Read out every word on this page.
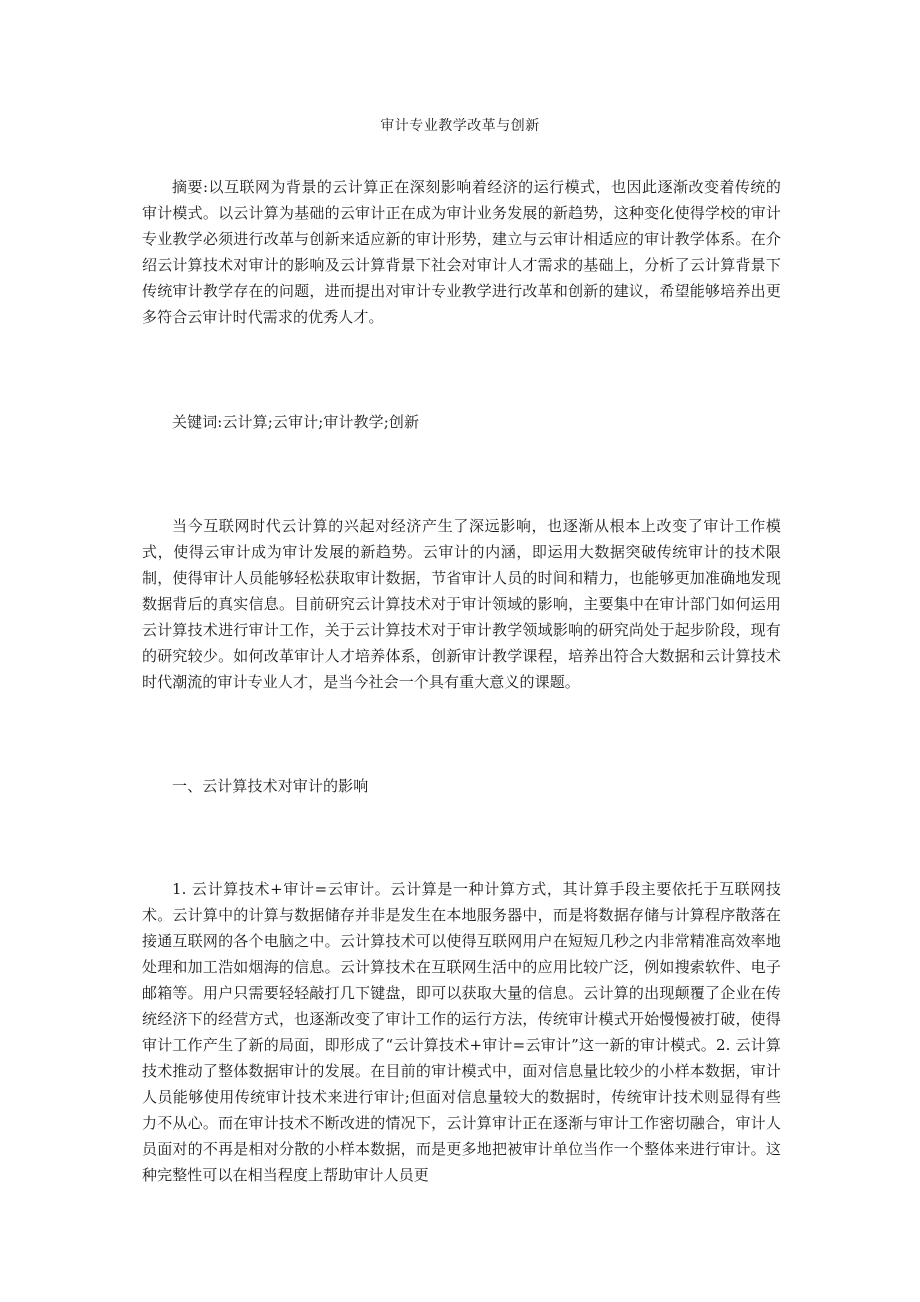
审计专业教学改革与创新

摘要:以互联网为背景的云计算正在深刻影响着经济的运行模式，也因此逐渐改变着传统的审计模式。以云计算为基础的云审计正在成为审计业务发展的新趋势，这种变化使得学校的审计专业教学必须进行改革与创新来适应新的审计形势，建立与云审计相适应的审计教学体系。在介绍云计算技术对审计的影响及云计算背景下社会对审计人才需求的基础上，分析了云计算背景下传统审计教学存在的问题，进而提出对审计专业教学进行改革和创新的建议，希望能够培养出更多符合云审计时代需求的优秀人才。

关键词:云计算;云审计;审计教学;创新

当今互联网时代云计算的兴起对经济产生了深远影响，也逐渐从根本上改变了审计工作模式，使得云审计成为审计发展的新趋势。云审计的内涵，即运用大数据突破传统审计的技术限制，使得审计人员能够轻松获取审计数据，节省审计人员的时间和精力，也能够更加准确地发现数据背后的真实信息。目前研究云计算技术对于审计领域的影响，主要集中在审计部门如何运用云计算技术进行审计工作，关于云计算技术对于审计教学领域影响的研究尚处于起步阶段，现有的研究较少。如何改革审计人才培养体系，创新审计教学课程，培养出符合大数据和云计算技术时代潮流的审计专业人才，是当今社会一个具有重大意义的课题。

一、云计算技术对审计的影响

1. 云计算技术+审计=云审计。云计算是一种计算方式，其计算手段主要依托于互联网技术。云计算中的计算与数据储存并非是发生在本地服务器中，而是将数据存储与计算程序散落在接通互联网的各个电脑之中。云计算技术可以使得互联网用户在短短几秒之内非常精准高效率地处理和加工浩如烟海的信息。云计算技术在互联网生活中的应用比较广泛，例如搜索软件、电子邮箱等。用户只需要轻轻敲打几下键盘，即可以获取大量的信息。云计算的出现颠覆了企业在传统经济下的经营方式，也逐渐改变了审计工作的运行方法，传统审计模式开始慢慢被打破，使得审计工作产生了新的局面，即形成了“云计算技术+审计=云审计”这一新的审计模式。2. 云计算技术推动了整体数据审计的发展。在目前的审计模式中，面对信息量比较少的小样本数据，审计人员能够使用传统审计技术来进行审计;但面对信息量较大的数据时，传统审计技术则显得有些力不从心。而在审计技术不断改进的情况下，云计算审计正在逐渐与审计工作密切融合，审计人员面对的不再是相对分散的小样本数据，而是更多地把被审计单位当作一个整体来进行审计。这种完整性可以在相当程度上帮助审计人员更
